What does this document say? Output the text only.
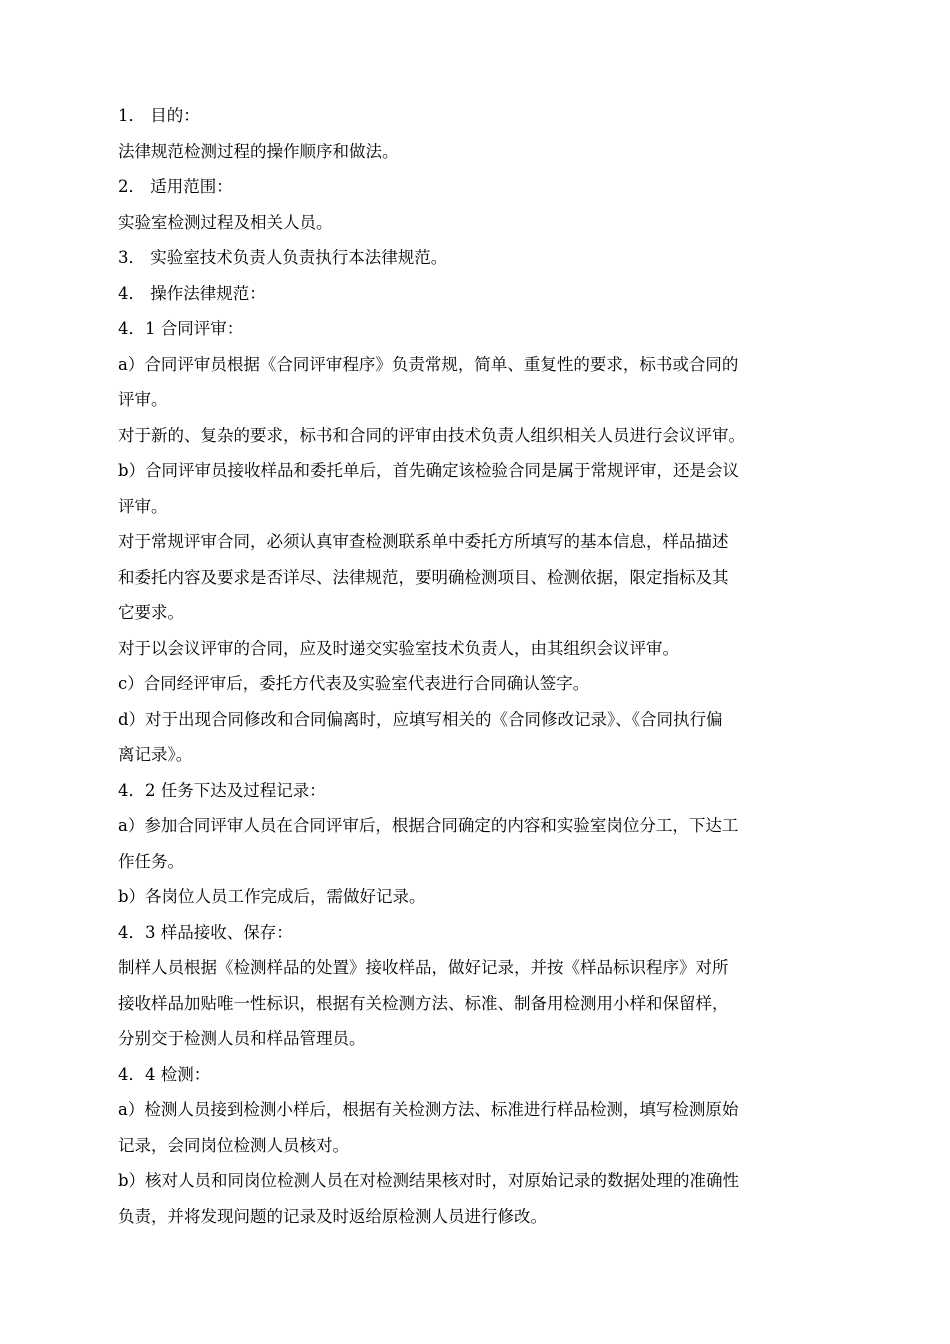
1． 目的：
法律规范检测过程的操作顺序和做法。
2． 适用范围：
实验室检测过程及相关人员。
3． 实验室技术负责人负责执行本法律规范。
4． 操作法律规范：
4．1 合同评审：
a）合同评审员根据《合同评审程序》负责常规，简单、重复性的要求，标书或合同的
评审。
对于新的、复杂的要求，标书和合同的评审由技术负责人组织相关人员进行会议评审。
b）合同评审员接收样品和委托单后，首先确定该检验合同是属于常规评审，还是会议
评审。
对于常规评审合同，必须认真审查检测联系单中委托方所填写的基本信息，样品描述
和委托内容及要求是否详尽、法律规范，要明确检测项目、检测依据，限定指标及其
它要求。
对于以会议评审的合同，应及时递交实验室技术负责人，由其组织会议评审。
c）合同经评审后，委托方代表及实验室代表进行合同确认签字。
d）对于出现合同修改和合同偏离时，应填写相关的《合同修改记录》、《合同执行偏
离记录》。
4．2 任务下达及过程记录：
a）参加合同评审人员在合同评审后，根据合同确定的内容和实验室岗位分工，下达工
作任务。
b）各岗位人员工作完成后，需做好记录。
4．3 样品接收、保存：
制样人员根据《检测样品的处置》接收样品，做好记录，并按《样品标识程序》对所
接收样品加贴唯一性标识，根据有关检测方法、标准、制备用检测用小样和保留样，
分别交于检测人员和样品管理员。
4．4 检测：
a）检测人员接到检测小样后，根据有关检测方法、标准进行样品检测，填写检测原始
记录，会同岗位检测人员核对。
b）核对人员和同岗位检测人员在对检测结果核对时，对原始记录的数据处理的准确性
负责，并将发现问题的记录及时返给原检测人员进行修改。
